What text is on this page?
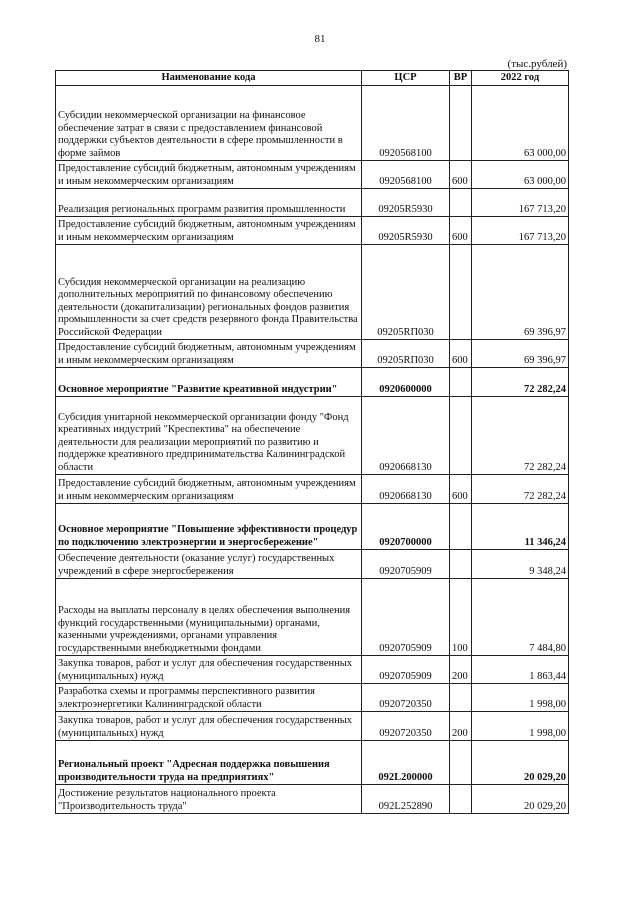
81
(тыс.рублей)
Наименование кода	ЦСР	ВР	2022 год
Субсидии некоммерческой организации на финансовое обеспечение затрат в связи с предоставлением финансовой поддержки субъектов деятельности в сфере промышленности в форме займов	0920568100		63 000,00
Предоставление субсидий бюджетным, автономным учреждениям и иным некоммерческим организациям	0920568100	600	63 000,00
Реализация региональных программ развития промышленности	09205R5930		167 713,20
Предоставление субсидий бюджетным, автономным учреждениям и иным некоммерческим организациям	09205R5930	600	167 713,20
Субсидия некоммерческой организации на реализацию дополнительных мероприятий по финансовому обеспечению деятельности (докапитализации) региональных фондов развития промышленности за счет средств резервного фонда Правительства Российской Федерации	09205RП030		69 396,97
Предоставление субсидий бюджетным, автономным учреждениям и иным некоммерческим организациям	09205RП030	600	69 396,97
Основное мероприятие "Развитие креативной индустрии"	0920600000		72 282,24
Субсидия унитарной некоммерческой организации фонду "Фонд креативных индустрий "Креспектива" на обеспечение деятельности для реализации мероприятий по развитию и поддержке креативного предпринимательства Калининградской области	0920668130		72 282,24
Предоставление субсидий бюджетным, автономным учреждениям и иным некоммерческим организациям	0920668130	600	72 282,24
Основное мероприятие "Повышение эффективности процедур по подключению электроэнергии и энергосбережение"	0920700000		11 346,24
Обеспечение деятельности (оказание услуг) государственных учреждений в сфере энергосбережения	0920705909		9 348,24
Расходы на выплаты персоналу в целях обеспечения выполнения функций государственными (муниципальными) органами, казенными учреждениями, органами управления государственными внебюджетными фондами	0920705909	100	7 484,80
Закупка товаров, работ и услуг для обеспечения государственных (муниципальных) нужд	0920705909	200	1 863,44
Разработка схемы и программы перспективного развития электроэнергетики Калининградской области	0920720350		1 998,00
Закупка товаров, работ и услуг для обеспечения государственных (муниципальных) нужд	0920720350	200	1 998,00
Региональный проект "Адресная поддержка повышения производительности труда на предприятиях"	092L200000		20 029,20
Достижение результатов национального проекта "Производительность труда"	092L252890		20 029,20
